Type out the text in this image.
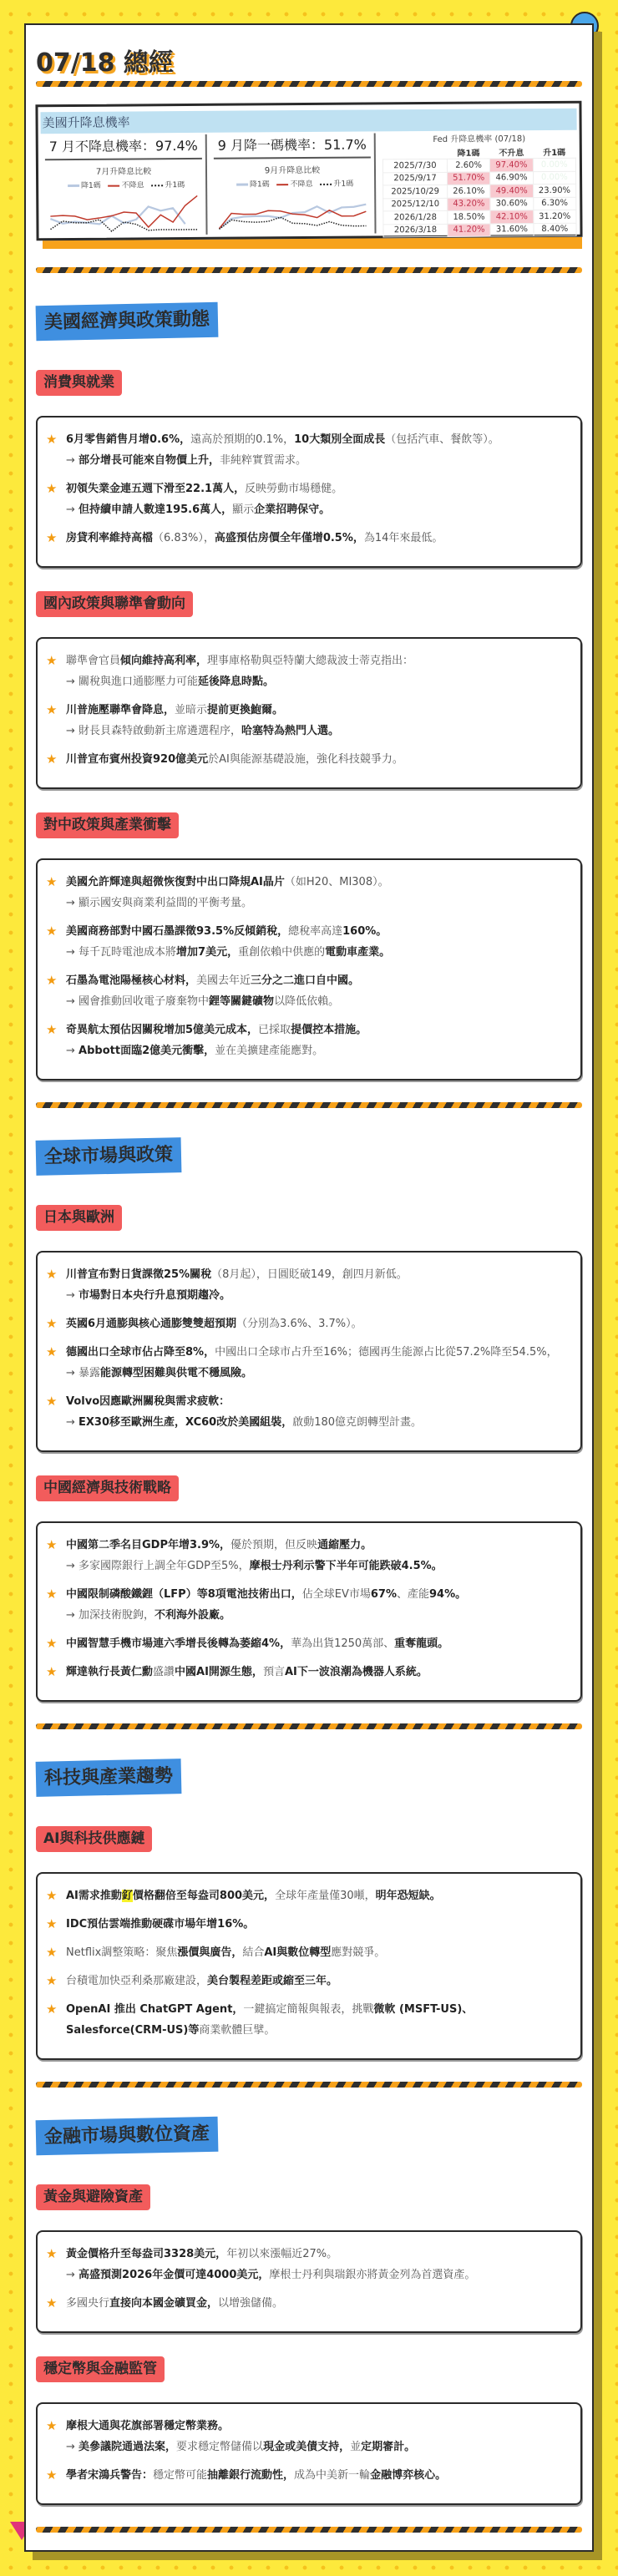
07/18 總經
美國升降息機率
7 月不降息機率：97.4%
7月升降息比較
降1碼	不降息	升1碼
9 月降一碼機率：51.7%
9月升降息比較
降1碼	不降息	升1碼
Fed 升降息機率 (07/18)
	降1碼	不升息	升1碼
2025/7/30	2.60%	97.40%	0.00%
2025/9/17	51.70%	46.90%	0.00%
2025/10/29	26.10%	49.40%	23.90%
2025/12/10	43.20%	30.60%	6.30%
2026/1/28	18.50%	42.10%	31.20%
2026/3/18	41.20%	31.60%	8.40%
美國經濟與政策動態
消費與就業
★ 6月零售銷售月增0.6%，遠高於預期的0.1%，10大類別全面成長（包括汽車、餐飲等）。
→ 部分增長可能來自物價上升，非純粹實質需求。
★ 初領失業金連五週下滑至22.1萬人，反映勞動市場穩健。
→ 但持續申請人數達195.6萬人，顯示企業招聘保守。
★ 房貸利率維持高檔（6.83%），高盛預估房價全年僅增0.5%，為14年來最低。
國內政策與聯準會動向
★ 聯準會官員傾向維持高利率，理事庫格勒與亞特蘭大總裁波士蒂克指出：
→ 關稅與進口通膨壓力可能延後降息時點。
★ 川普施壓聯準會降息，並暗示提前更換鮑爾。
→ 財長貝森特啟動新主席遴選程序，哈塞特為熱門人選。
★ 川普宣布賓州投資920億美元於AI與能源基礎設施，強化科技競爭力。
對中政策與產業衝擊
★ 美國允許輝達與超微恢復對中出口降規AI晶片（如H20、MI308）。
→ 顯示國安與商業利益間的平衡考量。
★ 美國商務部對中國石墨課徵93.5%反傾銷稅，總稅率高達160%。
→ 每千瓦時電池成本將增加7美元，重創依賴中供應的電動車產業。
★ 石墨為電池陽極核心材料，美國去年近三分之二進口自中國。
→ 國會推動回收電子廢棄物中鋰等關鍵礦物以降低依賴。
★ 奇異航太預估因關稅增加5億美元成本，已採取提價控本措施。
→ Abbott面臨2億美元衝擊，並在美擴建產能應對。
全球市場與政策
日本與歐洲
★ 川普宣布對日貨課徵25%關稅（8月起），日圓貶破149，創四月新低。
→ 市場對日本央行升息預期趨冷。
★ 英國6月通膨與核心通膨雙雙超預期（分別為3.6%、3.7%）。
★ 德國出口全球市佔占降至8%，中國出口全球市占升至16%；德國再生能源占比從57.2%降至54.5%，
→ 暴露能源轉型困難與供電不穩風險。
★ Volvo因應歐洲關稅與需求疲軟：
→ EX30移至歐洲生產，XC60改於美國組裝，啟動180億克朗轉型計畫。
中國經濟與技術戰略
★ 中國第二季名目GDP年增3.9%，優於預期，但反映通縮壓力。
→ 多家國際銀行上調全年GDP至5%，摩根士丹利示警下半年可能跌破4.5%。
★ 中國限制磷酸鐵鋰（LFP）等8項電池技術出口，佔全球EV市場67%、產能94%。
→ 加深技術脫鉤，不利海外設廠。
★ 中國智慧手機市場連六季增長後轉為萎縮4%，華為出貨1250萬部、重奪龍頭。
★ 輝達執行長黃仁勳盛讚中國AI開源生態，預言AI下一波浪潮為機器人系統。
科技與產業趨勢
AI與科技供應鏈
★ AI需求推動釕價格翻倍至每盎司800美元，全球年產量僅30噸，明年恐短缺。
★ IDC預估雲端推動硬碟市場年增16%。
★ Netflix調整策略：聚焦漲價與廣告，結合AI與數位轉型應對競爭。
★ 台積電加快亞利桑那廠建設，美台製程差距或縮至三年。
★ OpenAI 推出 ChatGPT Agent，一鍵搞定簡報與報表，挑戰微軟 (MSFT-US)、Salesforce(CRM-US)等商業軟體巨擘。
金融市場與數位資產
黃金與避險資產
★ 黃金價格升至每盎司3328美元，年初以來漲幅近27%。
→ 高盛預測2026年金價可達4000美元，摩根士丹利與瑞銀亦將黃金列為首選資產。
★ 多國央行直接向本國金礦買金，以增強儲備。
穩定幣與金融監管
★ 摩根大通與花旗部署穩定幣業務。
→ 美參議院通過法案，要求穩定幣儲備以現金或美債支持，並定期審計。
★ 學者宋鴻兵警告：穩定幣可能抽離銀行流動性，成為中美新一輪金融博弈核心。
